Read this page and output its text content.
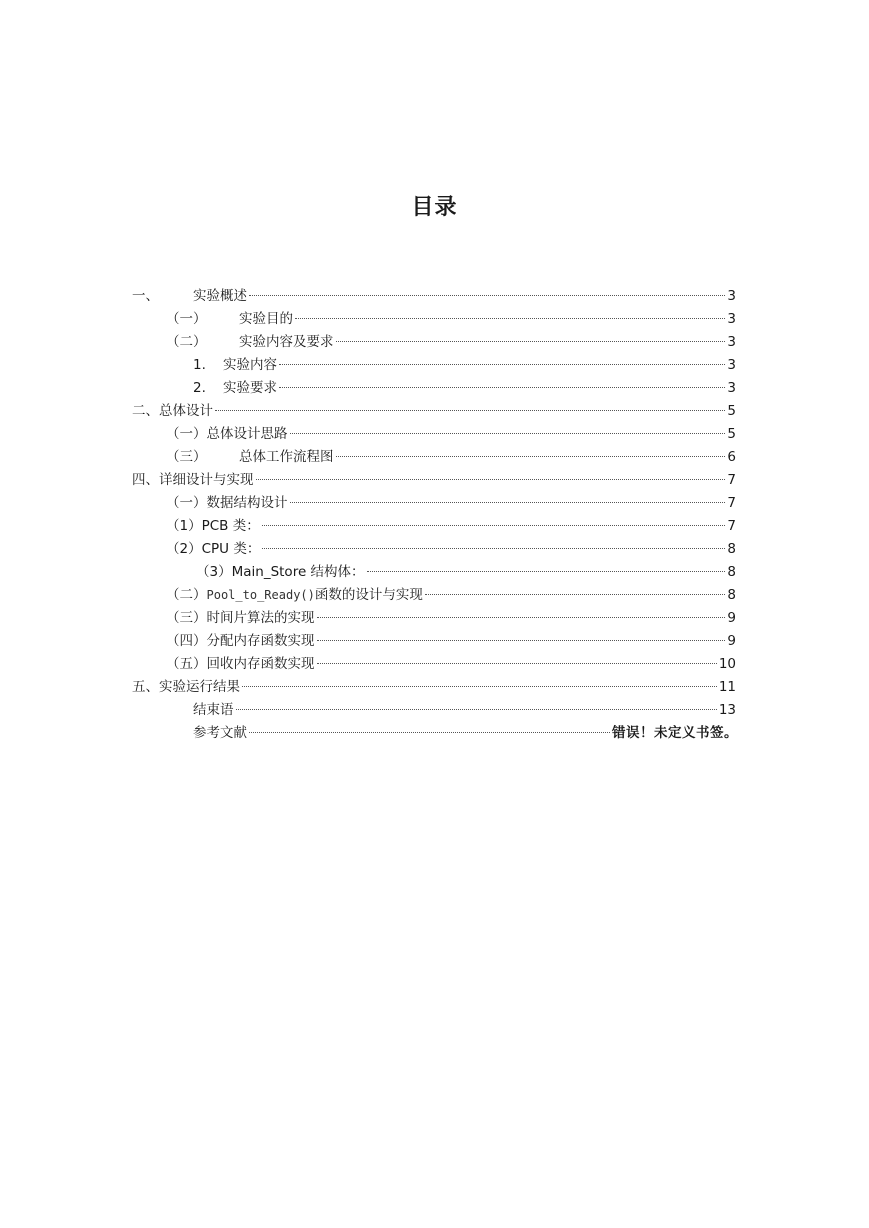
目录
一、	实验概述	3
（一）	实验目的	3
（二）	实验内容及要求	3
1.	实验内容	3
2.	实验要求	3
二、总体设计	5
（一）总体设计思路	5
（三）	总体工作流程图	6
四、详细设计与实现	7
（一）数据结构设计	7
（1）PCB 类：	7
（2）CPU 类：	8
（3）Main_Store 结构体：	8
（二） Pool_to_Ready() 函数的设计与实现	8
（三）时间片算法的实现	9
（四）分配内存函数实现	9
（五）回收内存函数实现	10
五、实验运行结果	11
结束语	13
参考文献	错误！未定义书签。
